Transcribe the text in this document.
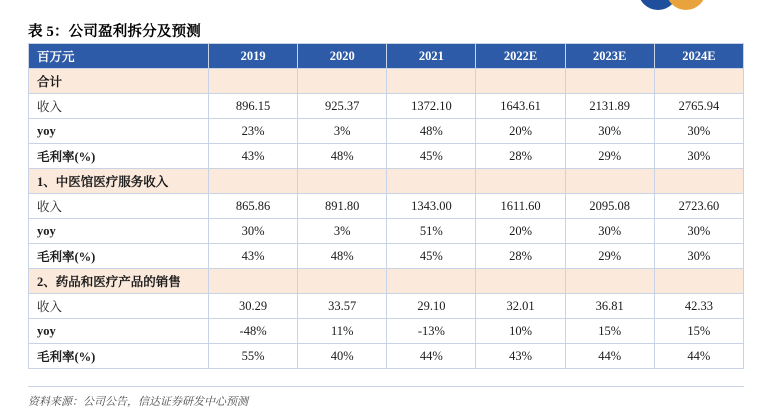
表 5：公司盈利拆分及预测
百万元	2019	2020	2021	2022E	2023E	2024E
合计						
收入	896.15	925.37	1372.10	1643.61	2131.89	2765.94
yoy	23%	3%	48%	20%	30%	30%
毛利率(%)	43%	48%	45%	28%	29%	30%
1、中医馆医疗服务收入						
收入	865.86	891.80	1343.00	1611.60	2095.08	2723.60
yoy	30%	3%	51%	20%	30%	30%
毛利率(%)	43%	48%	45%	28%	29%	30%
2、药品和医疗产品的销售						
收入	30.29	33.57	29.10	32.01	36.81	42.33
yoy	-48%	11%	-13%	10%	15%	15%
毛利率(%)	55%	40%	44%	43%	44%	44%
资料来源：公司公告，信达证券研发中心预测
